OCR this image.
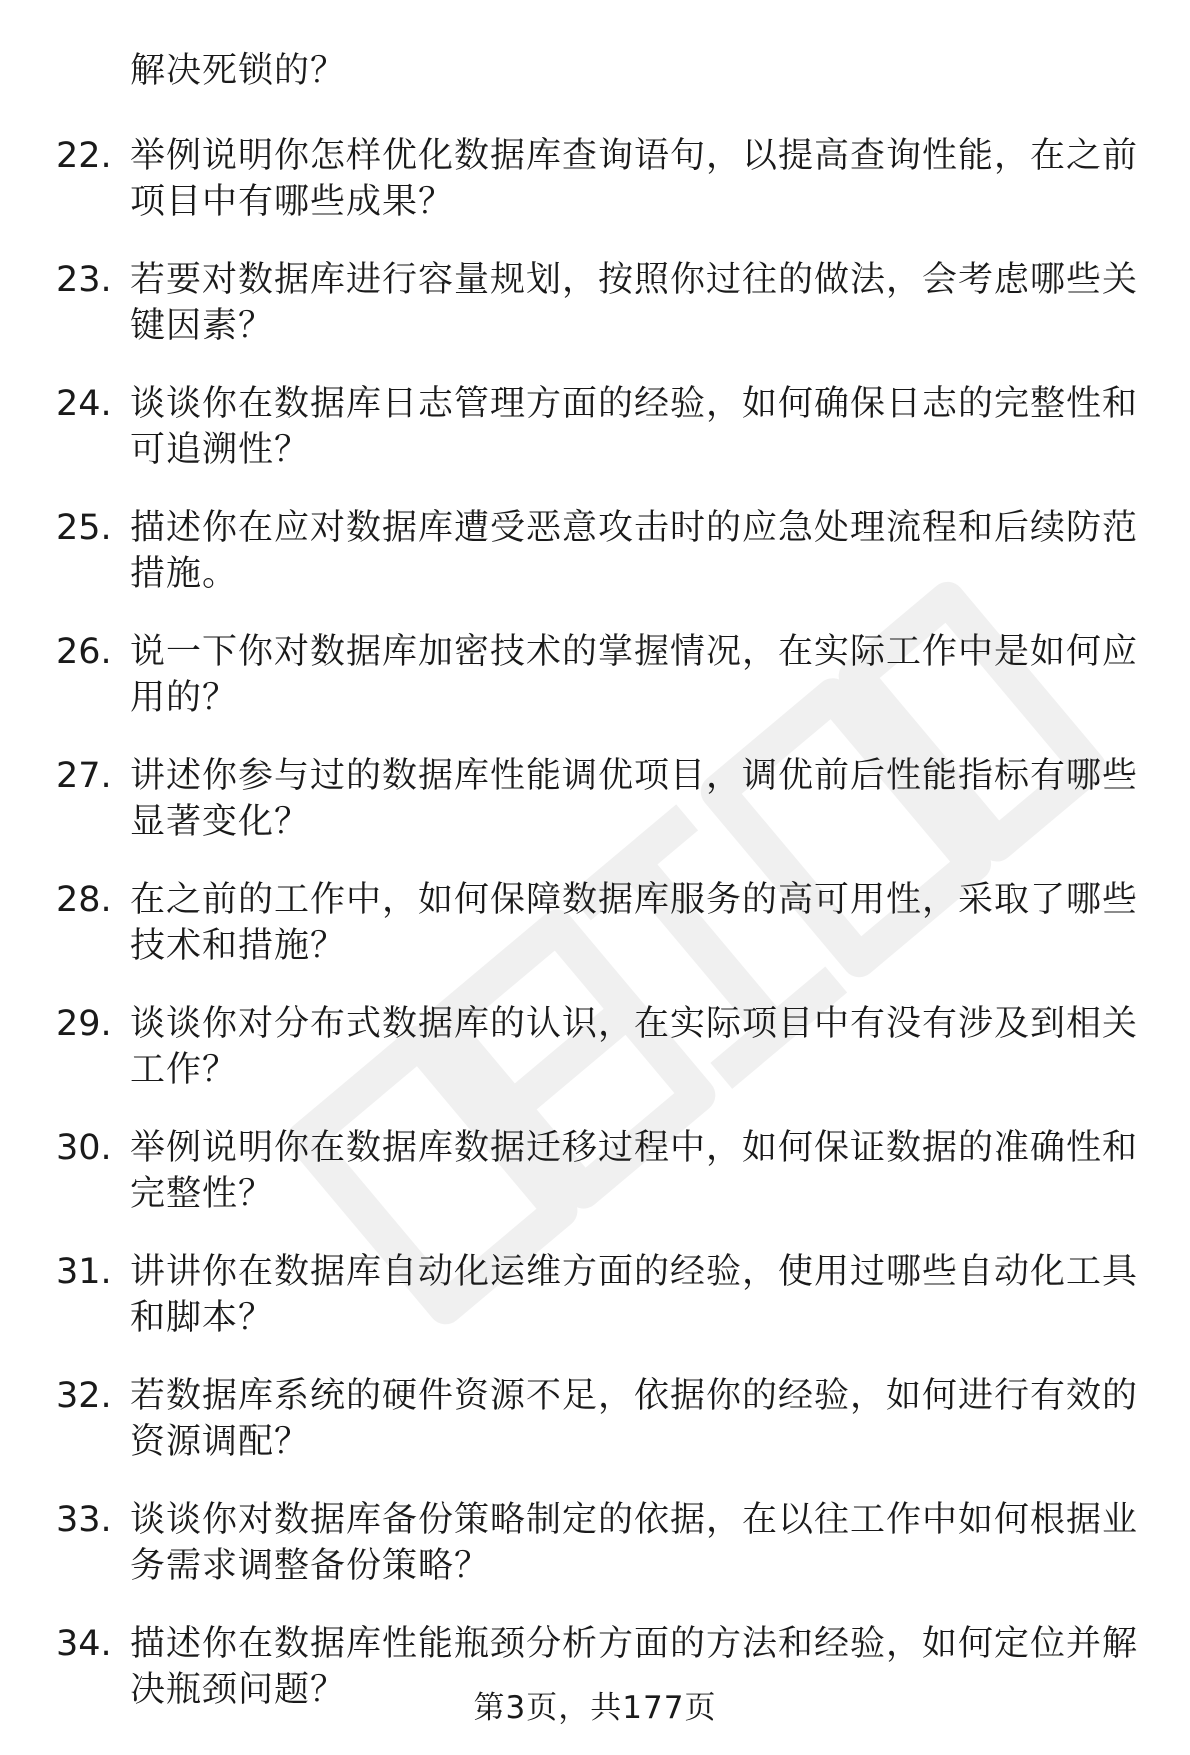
解决死锁的？
22. 举例说明你怎样优化数据库查询语句，以提高查询性能，在之前
项目中有哪些成果？
23. 若要对数据库进行容量规划，按照你过往的做法，会考虑哪些关
键因素？
24. 谈谈你在数据库日志管理方面的经验，如何确保日志的完整性和
可追溯性？
25. 描述你在应对数据库遭受恶意攻击时的应急处理流程和后续防范
措施。
26. 说一下你对数据库加密技术的掌握情况，在实际工作中是如何应
用的？
27. 讲述你参与过的数据库性能调优项目，调优前后性能指标有哪些
显著变化？
28. 在之前的工作中，如何保障数据库服务的高可用性，采取了哪些
技术和措施？
29. 谈谈你对分布式数据库的认识，在实际项目中有没有涉及到相关
工作？
30. 举例说明你在数据库数据迁移过程中，如何保证数据的准确性和
完整性？
31. 讲讲你在数据库自动化运维方面的经验，使用过哪些自动化工具
和脚本？
32. 若数据库系统的硬件资源不足，依据你的经验，如何进行有效的
资源调配？
33. 谈谈你对数据库备份策略制定的依据，在以往工作中如何根据业
务需求调整备份策略？
34. 描述你在数据库性能瓶颈分析方面的方法和经验，如何定位并解
决瓶颈问题？	第3页，共177页
